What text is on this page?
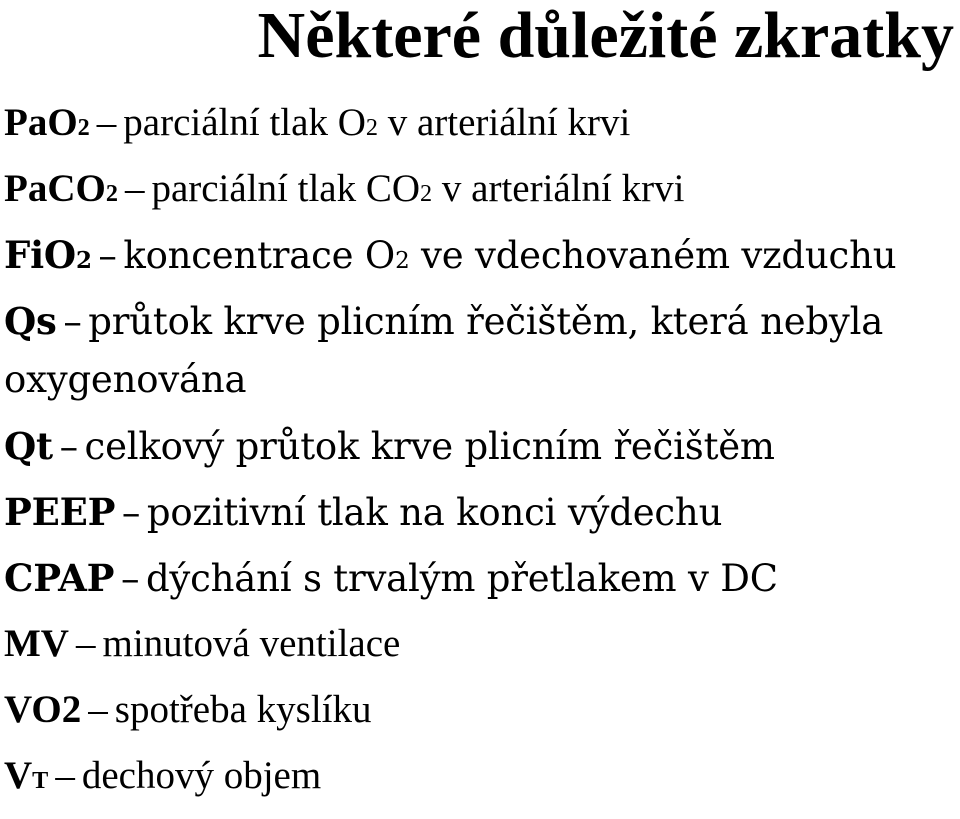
Některé důležité zkratky
PaO2 – parciální tlak O2 v arteriální krvi
PaCO2 – parciální tlak CO2 v arteriální krvi
FiO2 – koncentrace O2 ve vdechovaném vzduchu
Qs – průtok krve plicním řečištěm, která nebyla oxygenována
Qt – celkový průtok krve plicním řečištěm
PEEP – pozitivní tlak na konci výdechu
CPAP – dýchání s trvalým přetlakem v DC
MV – minutová ventilace
VO2 – spotřeba kyslíku
VT – dechový objem
